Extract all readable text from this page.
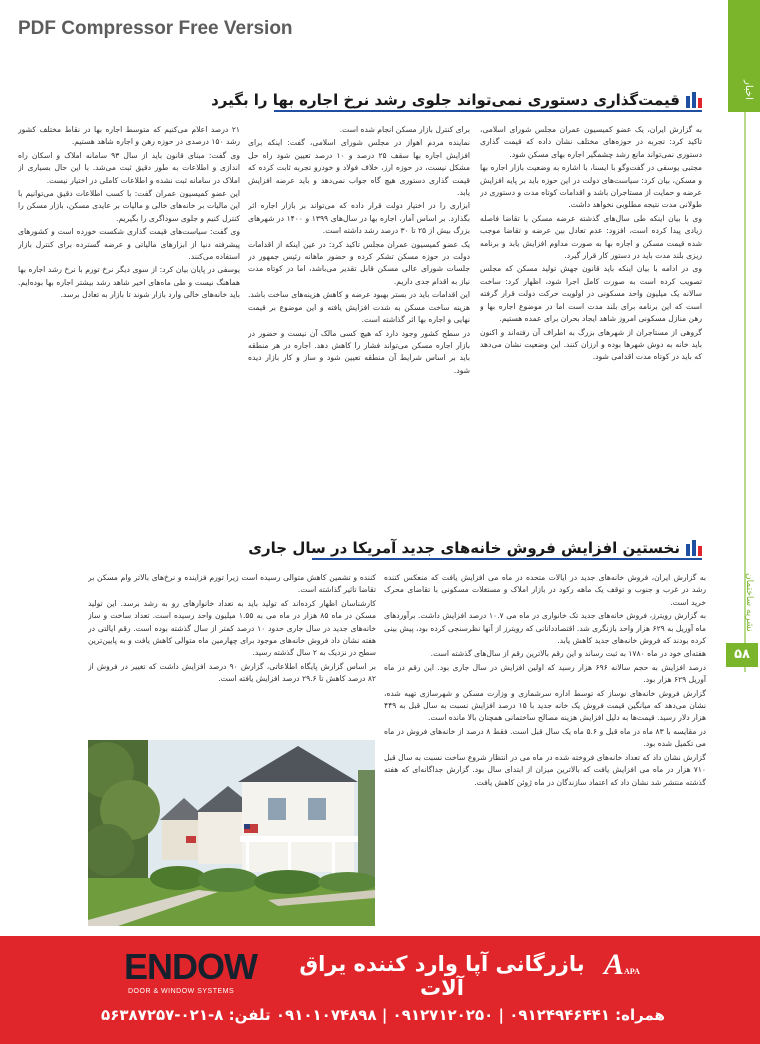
PDF Compressor Free Version
اخبار
نشریه ساختمان
۵۸
قیمت‌گذاری دستوری نمی‌تواند جلوی رشد نرخ اجاره بها را بگیرد

به گزارش ایران، یک عضو کمیسیون عمران مجلس شورای اسلامی، تاکید کرد: تجربه در حوزه‌های مختلف نشان داده که قیمت گذاری دستوری نمی‌تواند مانع رشد چشمگیر اجاره بهای مسکن شود.

مجتبی یوسفی در گفت‌وگو با ایسنا، با اشاره به وضعیت بازار اجاره بها و مسکن، بیان کرد: سیاست‌های دولت در این حوزه باید بر پایه افزایش عرضه و حمایت از مستاجران باشد و اقدامات کوتاه مدت و دستوری در طولانی مدت نتیجه مطلوبی نخواهد داشت.

وی با بیان اینکه طی سال‌های گذشته عرضه مسکن با تقاضا فاصله زیادی پیدا کرده است، افزود: عدم تعادل بین عرضه و تقاضا موجب شده قیمت مسکن و اجاره بها به صورت مداوم افزایش یابد و برنامه ریزی بلند مدت باید در دستور کار قرار گیرد.

وی در ادامه با بیان اینکه باید قانون جهش تولید مسکن که مجلس تصویب کرده است به صورت کامل اجرا شود، اظهار کرد: ساخت سالانه یک میلیون واحد مسکونی در اولویت حرکت دولت قرار گرفته است که این برنامه برای بلند مدت است اما در موضوع اجاره بها و رهن منازل مسکونی امروز شاهد ایجاد بحران برای عمده هستیم.

گروهی از مستاجران از شهرهای بزرگ به اطراف آن رفته‌اند و اکنون باید خانه به دوش شهرها بوده و ارزان کنند. این وضعیت نشان می‌دهد که باید در کوتاه مدت اقدامی شود.

برای کنترل بازار مسکن انجام شده است.

نماینده مردم اهواز در مجلس شورای اسلامی، گفت: اینکه برای افزایش اجاره بها سقف ۲۵ درصد و ۱۰ درصد تعیین شود راه حل مشکل نیست، در حوزه ارز، خلاف فولاد و خودرو تجربه ثابت کرده که قیمت گذاری دستوری هیچ گاه جواب نمی‌دهد و باید عرضه افزایش یابد.

ابزاری را در اختیار دولت قرار داده که می‌تواند بر بازار اجاره اثر بگذارد. بر اساس آمار، اجاره بها در سال‌های ۱۳۹۹ و ۱۴۰۰ در شهرهای بزرگ بیش از ۲۵ تا ۳۰ درصد رشد داشته است.

یک عضو کمیسیون عمران مجلس تاکید کرد: در عین اینکه از اقدامات دولت در حوزه مسکن تشکر کرده و حضور ماهانه رئیس جمهور در جلسات شورای عالی مسکن قابل تقدیر می‌باشد، اما در کوتاه مدت نیاز به اقدام جدی داریم.

این اقدامات باید در بستر بهبود عرضه و کاهش هزینه‌های ساخت باشد. هزینه ساخت مسکن به شدت افزایش یافته و این موضوع بر قیمت نهایی و اجاره بها اثر گذاشته است.

در سطح کشور وجود دارد که هیچ کسی مالک آن نیست و حضور در بازار اجاره مسکن می‌تواند فشار را کاهش دهد. اجاره در هر منطقه باید بر اساس شرایط آن منطقه تعیین شود و ساز و کار بازار دیده شود.

۲۱ درصد اعلام می‌کنیم که متوسط اجاره بها در نقاط مختلف کشور رشد ۱۵۰ درصدی در حوزه رهن و اجاره شاهد هستیم.

وی گفت: مبنای قانون باید از سال ۹۳ سامانه املاک و اسکان راه اندازی و اطلاعات به طور دقیق ثبت می‌شد. با این حال بسیاری از املاک در سامانه ثبت نشده و اطلاعات کاملی در اختیار نیست.

این عضو کمیسیون عمران گفت: با کسب اطلاعات دقیق می‌توانیم با این مالیات بر خانه‌های خالی و مالیات بر عایدی مسکن، بازار مسکن را کنترل کنیم و جلوی سوداگری را بگیریم.

وی گفت: سیاست‌های قیمت گذاری شکست خورده است و کشورهای پیشرفته دنیا از ابزارهای مالیاتی و عرضه گسترده برای کنترل بازار استفاده می‌کنند.

یوسفی در پایان بیان کرد: از سوی دیگر نرخ تورم با نرخ رشد اجاره بها هماهنگ نیست و طی ماه‌های اخیر شاهد رشد بیشتر اجاره بها بوده‌ایم. باید خانه‌های خالی وارد بازار شوند تا بازار به تعادل برسد.

نخستین افزایش فروش خانه‌های جدید آمریکا در سال جاری

به گزارش ایران، فروش خانه‌های جدید در ایالات متحده در ماه می افزایش یافت که منعکس کننده رشد در غرب و جنوب و توقف یک ماهه رکود در بازار املاک و مستغلات مسکونی با تقاضای محرک خرید است.

به گزارش رویترز، فروش خانه‌های جدید تک خانواری در ماه می ۱۰.۷ درصد افزایش داشت. برآوردهای ماه آوریل به ۶۲۹ هزار واحد بازنگری شد. اقتصاددانانی که رویترز از آنها نظرسنجی کرده بود، پیش بینی کرده بودند که فروش خانه‌های جدید کاهش یابد.

هفته‌ای خود در ماه ۱۷۸۰ به ثبت رساند و این رقم بالاترین رقم از سال‌های گذشته است.

درصد افزایش به حجم سالانه ۶۹۶ هزار رسید که اولین افزایش در سال جاری بود. این رقم در ماه آوریل ۶۲۹ هزار بود.

گزارش فروش خانه‌های نوساز که توسط اداره سرشماری و وزارت مسکن و شهرسازی تهیه شده، نشان می‌دهد که میانگین قیمت فروش یک خانه جدید با ۱۵ درصد افزایش نسبت به سال قبل به ۴۴۹ هزار دلار رسید. قیمت‌ها به دلیل افزایش هزینه مصالح ساختمانی همچنان بالا مانده است.

در مقایسه با ۸۳ ماه در ماه قبل و ۵.۶ ماه یک سال قبل است. فقط ۸ درصد از خانه‌های فروش در ماه می تکمیل شده بود.

گزارش نشان داد که تعداد خانه‌های فروخته شده در ماه می در انتظار شروع ساخت نسبت به سال قبل ۷۱۰ هزار در ماه می افزایش یافت که بالاترین میزان از ابتدای سال بود. گزارش جداگانه‌ای که هفته گذشته منتشر شد نشان داد که اعتماد سازندگان در ماه ژوئن کاهش یافت.

کننده و تشمین کاهش متوالی رسیده است زیرا تورم فزاینده و نرخ‌های بالاتر وام مسکن بر تقاضا تاثیر گذاشته است.

کارشناسان اظهار کرده‌اند که تولید باید به تعداد خانوارهای رو به رشد برسد. این تولید مسکن در ماه ۸۵ هزار در ماه می به ۱.۵۵ میلیون واحد رسیده است. تعداد ساخت و ساز خانه‌های جدید در سال جاری حدود ۱۰ درصد کمتر از سال گذشته بوده است. رقم ایالتی در هفته نشان داد فروش خانه‌های موجود برای چهارمین ماه متوالی کاهش یافت و به پایین‌ترین سطح در نزدیک به ۲ سال گذشته رسید.

بر اساس گزارش پایگاه اطلاعاتی، گزارش ۹۰ درصد افزایش داشت که تغییر در فروش از ۸۲ درصد کاهش تا ۲۹.۶ درصد افزایش یافته است.

ENDOW
DOOR & WINDOW SYSTEMS
بازرگانی آپا وارد کننده یراق آلات
AAPA
همراه: ۰۹۱۲۴۹۴۶۴۴۱ | ۰۹۱۲۷۱۲۰۲۵۰ | ۰۹۱۰۱۰۷۴۸۹۸ تلفن: ۸-۰۲۱-۵۶۳۸۷۲۵۷
